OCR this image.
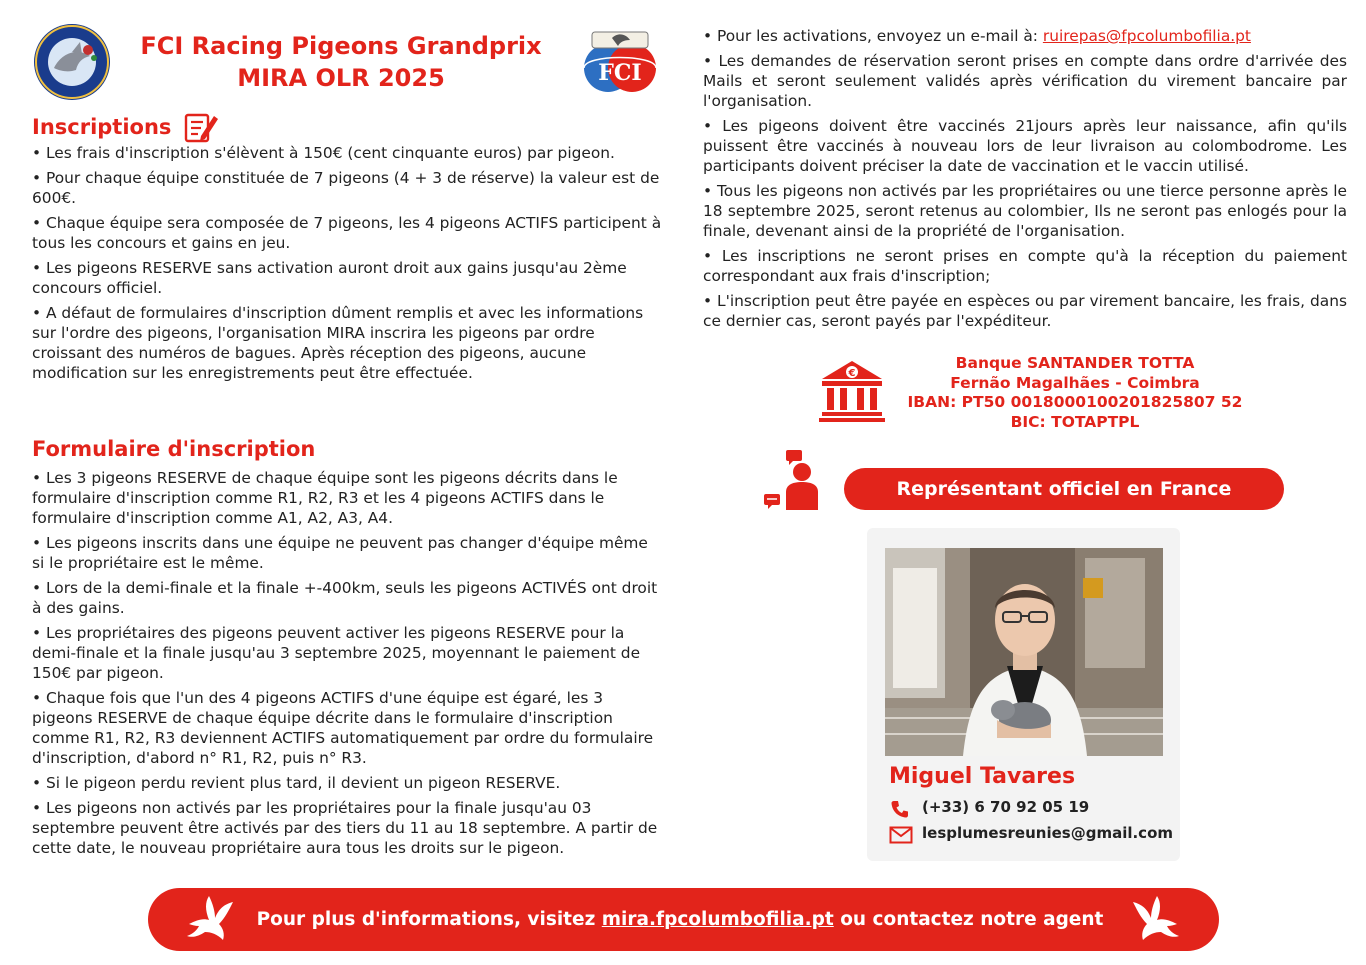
FCI Racing Pigeons Grandprix
MIRA OLR 2025	FCI
Inscriptions

• Les frais d'inscription s'élèvent à 150€ (cent cinquante euros) par pigeon.

• Pour chaque équipe constituée de 7 pigeons (4 + 3 de réserve) la valeur est de 600€.

• Chaque équipe sera composée de 7 pigeons, les 4 pigeons ACTIFS participent à tous les concours et gains en jeu.

• Les pigeons RESERVE sans activation auront droit aux gains jusqu'au 2ème concours officiel.

• A défaut de formulaires d'inscription dûment remplis et avec les informations sur l'ordre des pigeons, l'organisation MIRA inscrira les pigeons par ordre croissant des numéros de bagues. Après réception des pigeons, aucune modification sur les enregistrements peut être effectuée.

Formulaire d'inscription

• Les 3 pigeons RESERVE de chaque équipe sont les pigeons décrits dans le formulaire d'inscription comme R1, R2, R3 et les 4 pigeons ACTIFS dans le formulaire d'inscription comme A1, A2, A3, A4.

• Les pigeons inscrits dans une équipe ne peuvent pas changer d'équipe même si le propriétaire est le même.

• Lors de la demi-finale et la finale +-400km, seuls les pigeons ACTIVÉS ont droit à des gains.

• Les propriétaires des pigeons peuvent activer les pigeons RESERVE pour la demi-finale et la finale jusqu'au 3 septembre 2025, moyennant le paiement de 150€ par pigeon.

• Chaque fois que l'un des 4 pigeons ACTIFS d'une équipe est égaré, les 3 pigeons RESERVE de chaque équipe décrite dans le formulaire d'inscription comme R1, R2, R3 deviennent ACTIFS automatiquement par ordre du formulaire d'inscription, d'abord n° R1, R2, puis n° R3.

• Si le pigeon perdu revient plus tard, il devient un pigeon RESERVE.

• Les pigeons non activés par les propriétaires pour la finale jusqu'au 03 septembre peuvent être activés par des tiers du 11 au 18 septembre. A partir de cette date, le nouveau propriétaire aura tous les droits sur le pigeon.

• Pour les activations, envoyez un e-mail à: ruirepas@fpcolumbofilia.pt

• Les demandes de réservation seront prises en compte dans ordre d'arrivée des Mails et seront seulement validés après vérification du virement bancaire par l'organisation.

• Les pigeons doivent être vaccinés 21jours après leur naissance, afin qu'ils puissent être vaccinés à nouveau lors de leur livraison au colombodrome. Les participants doivent préciser la date de vaccination et le vaccin utilisé.

• Tous les pigeons non activés par les propriétaires ou une tierce personne après le 18 septembre 2025, seront retenus au colombier, Ils ne seront pas enlogés pour la finale, devenant ainsi de la propriété de l'organisation.

• Les inscriptions ne seront prises en compte qu'à la réception du paiement correspondant aux frais d'inscription;

• L'inscription peut être payée en espèces ou par virement bancaire, les frais, dans ce dernier cas, seront payés par l'expéditeur.

€
Banque SANTANDER TOTTA
Fernão Magalhães - Coimbra
IBAN: PT50 0018000100201825807 52
BIC: TOTAPTPL
Représentant officiel en France
Miguel Tavares
(+33) 6 70 92 05 19
lesplumesreunies@gmail.com
Pour plus d'informations, visitez mira.fpcolumbofilia.pt ou contactez notre agent
